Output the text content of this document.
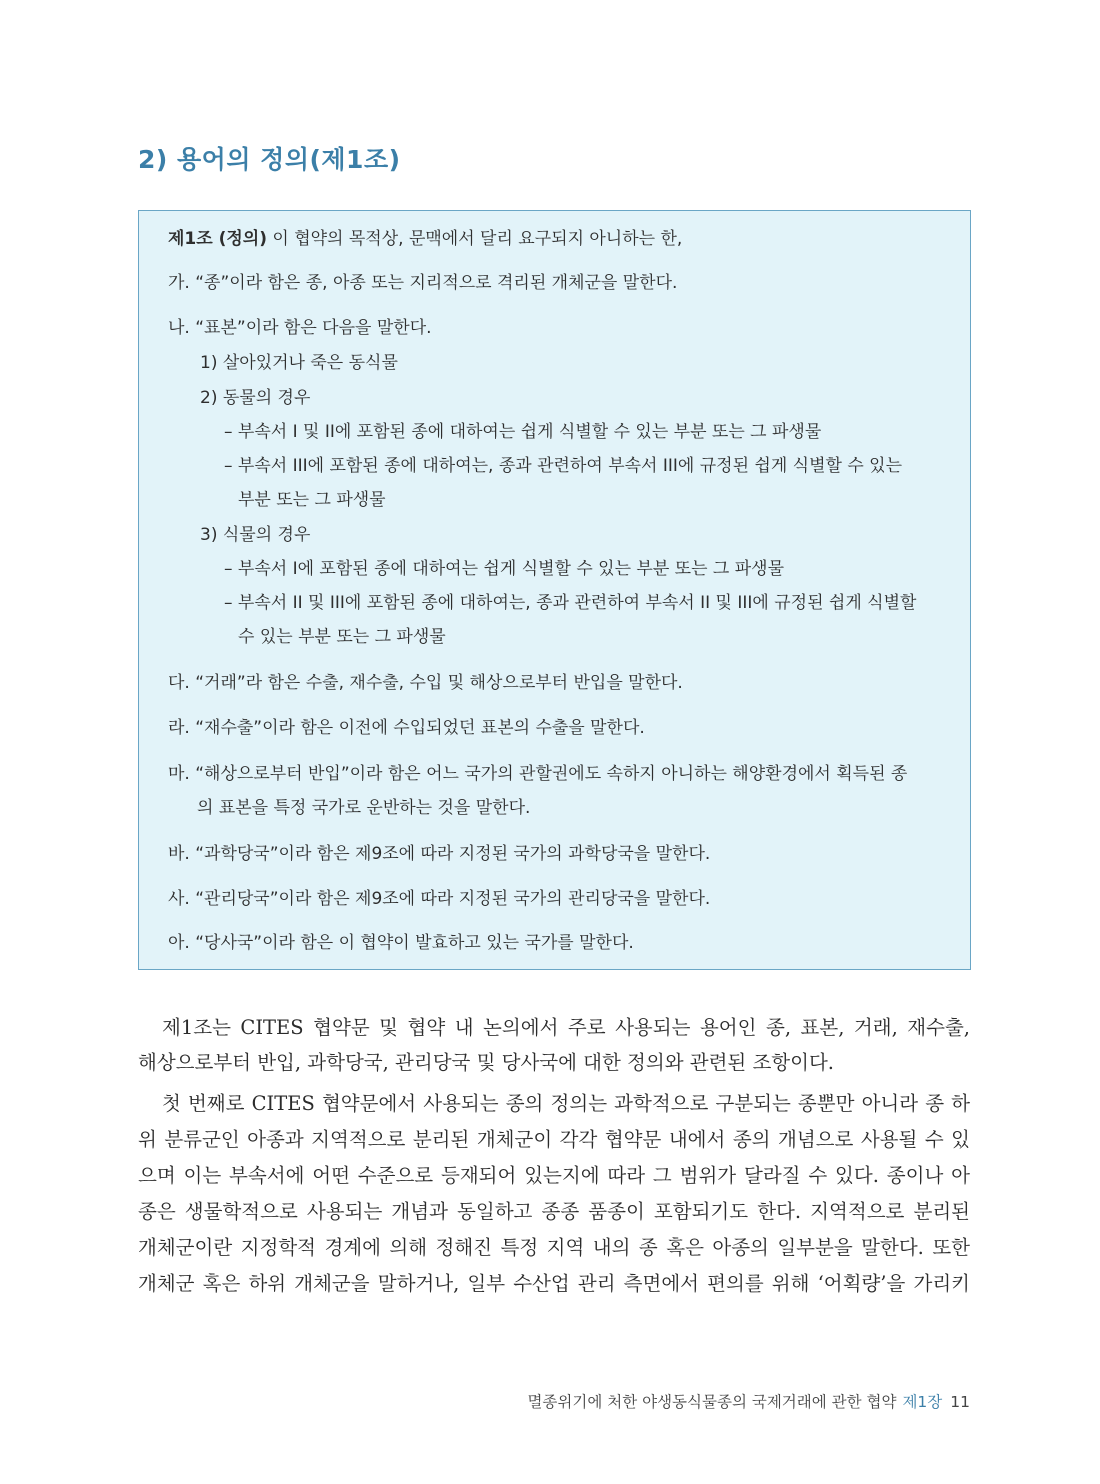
2) 용어의 정의(제1조)
제1조 (정의) 이 협약의 목적상, 문맥에서 달리 요구되지 아니하는 한,
가. “종”이라 함은 종, 아종 또는 지리적으로 격리된 개체군을 말한다.
나. “표본”이라 함은 다음을 말한다.
1) 살아있거나 죽은 동식물
2) 동물의 경우
– 부속서 I 및 II에 포함된 종에 대하여는 쉽게 식별할 수 있는 부분 또는 그 파생물
– 부속서 III에 포함된 종에 대하여는, 종과 관련하여 부속서 III에 규정된 쉽게 식별할 수 있는
부분 또는 그 파생물
3) 식물의 경우
– 부속서 I에 포함된 종에 대하여는 쉽게 식별할 수 있는 부분 또는 그 파생물
– 부속서 II 및 III에 포함된 종에 대하여는, 종과 관련하여 부속서 II 및 III에 규정된 쉽게 식별할
수 있는 부분 또는 그 파생물
다. “거래”라 함은 수출, 재수출, 수입 및 해상으로부터 반입을 말한다.
라. “재수출”이라 함은 이전에 수입되었던 표본의 수출을 말한다.
마. “해상으로부터 반입”이라 함은 어느 국가의 관할권에도 속하지 아니하는 해양환경에서 획득된 종
의 표본을 특정 국가로 운반하는 것을 말한다.
바. “과학당국”이라 함은 제9조에 따라 지정된 국가의 과학당국을 말한다.
사. “관리당국”이라 함은 제9조에 따라 지정된 국가의 관리당국을 말한다.
아. “당사국”이라 함은 이 협약이 발효하고 있는 국가를 말한다.
제1조는 CITES 협약문 및 협약 내 논의에서 주로 사용되는 용어인 종, 표본, 거래, 재수출,
해상으로부터 반입, 과학당국, 관리당국 및 당사국에 대한 정의와 관련된 조항이다.
첫 번째로 CITES 협약문에서 사용되는 종의 정의는 과학적으로 구분되는 종뿐만 아니라 종 하
위 분류군인 아종과 지역적으로 분리된 개체군이 각각 협약문 내에서 종의 개념으로 사용될 수 있
으며 이는 부속서에 어떤 수준으로 등재되어 있는지에 따라 그 범위가 달라질 수 있다. 종이나 아
종은 생물학적으로 사용되는 개념과 동일하고 종종 품종이 포함되기도 한다. 지역적으로 분리된
개체군이란 지정학적 경계에 의해 정해진 특정 지역 내의 종 혹은 아종의 일부분을 말한다. 또한
개체군 혹은 하위 개체군을 말하거나, 일부 수산업 관리 측면에서 편의를 위해 ‘어획량’을 가리키
멸종위기에 처한 야생동식물종의 국제거래에 관한 협약 제1장 11
